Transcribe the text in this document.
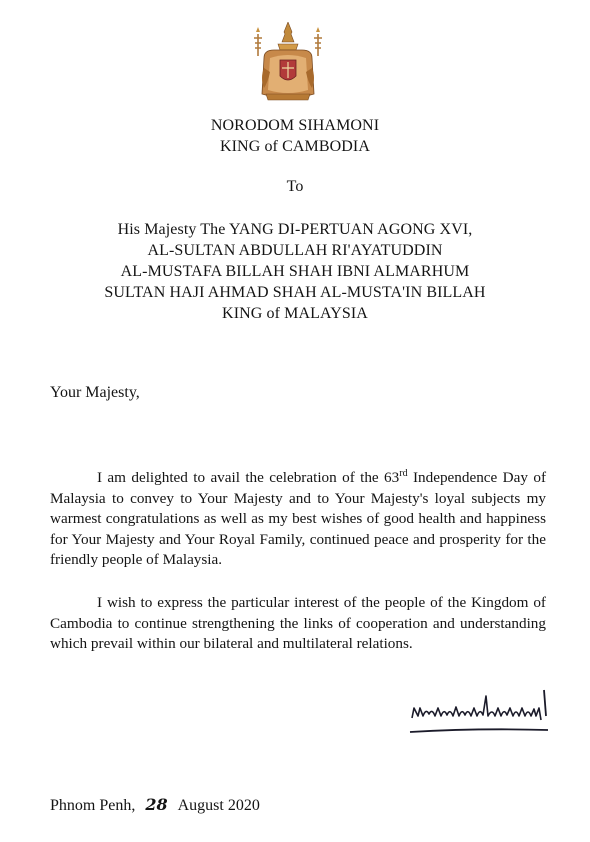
NORODOM SIHAMONI
KING of CAMBODIA
To
His Majesty The YANG DI-PERTUAN AGONG XVI,
AL-SULTAN ABDULLAH RI'AYATUDDIN
AL-MUSTAFA BILLAH SHAH IBNI ALMARHUM
SULTAN HAJI AHMAD SHAH AL-MUSTA'IN BILLAH
KING of MALAYSIA
Your Majesty,

I am delighted to avail the celebration of the 63rd Independence Day of Malaysia to convey to Your Majesty and to Your Majesty's loyal subjects my warmest congratulations as well as my best wishes of good health and happiness for Your Majesty and Your Royal Family, continued peace and prosperity for the friendly people of Malaysia.

I wish to express the particular interest of the people of the Kingdom of Cambodia to continue strengthening the links of cooperation and understanding which prevail within our bilateral and multilateral relations.

Phnom Penh, 28 August 2020
